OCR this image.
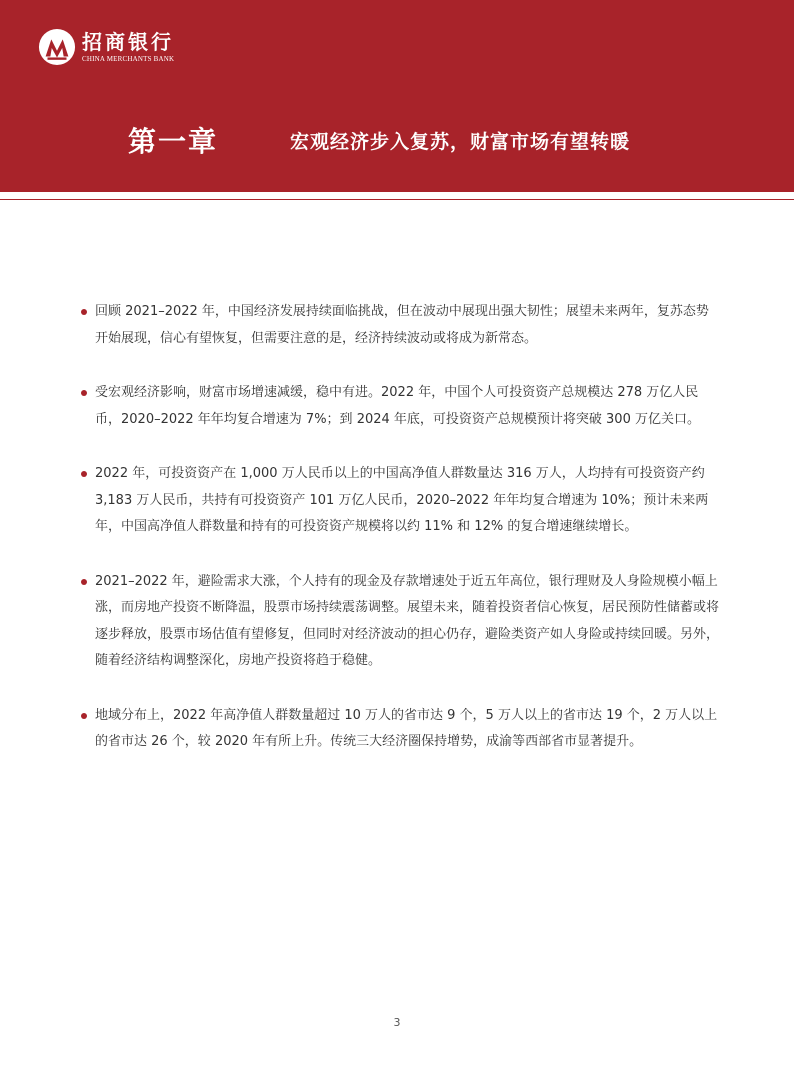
招商银行
CHINA MERCHANTS BANK
第一章	宏观经济步入复苏，财富市场有望转暖
回顾 2021–2022 年，中国经济发展持续面临挑战，但在波动中展现出强大韧性；展望未来两年，复苏态势开始展现，信心有望恢复，但需要注意的是，经济持续波动或将成为新常态。
受宏观经济影响，财富市场增速减缓，稳中有进。2022 年，中国个人可投资资产总规模达 278 万亿人民币，2020–2022 年年均复合增速为 7%；到 2024 年底，可投资资产总规模预计将突破 300 万亿关口。
2022 年，可投资资产在 1,000 万人民币以上的中国高净值人群数量达 316 万人，人均持有可投资资产约 3,183 万人民币，共持有可投资资产 101 万亿人民币，2020–2022 年年均复合增速为 10%；预计未来两年，中国高净值人群数量和持有的可投资资产规模将以约 11% 和 12% 的复合增速继续增长。
2021–2022 年，避险需求大涨，个人持有的现金及存款增速处于近五年高位，银行理财及人身险规模小幅上涨，而房地产投资不断降温，股票市场持续震荡调整。展望未来，随着投资者信心恢复，居民预防性储蓄或将逐步释放，股票市场估值有望修复，但同时对经济波动的担心仍存，避险类资产如人身险或持续回暖。另外，随着经济结构调整深化，房地产投资将趋于稳健。
地域分布上，2022 年高净值人群数量超过 10 万人的省市达 9 个，5 万人以上的省市达 19 个，2 万人以上的省市达 26 个，较 2020 年有所上升。传统三大经济圈保持增势，成渝等西部省市显著提升。
3
